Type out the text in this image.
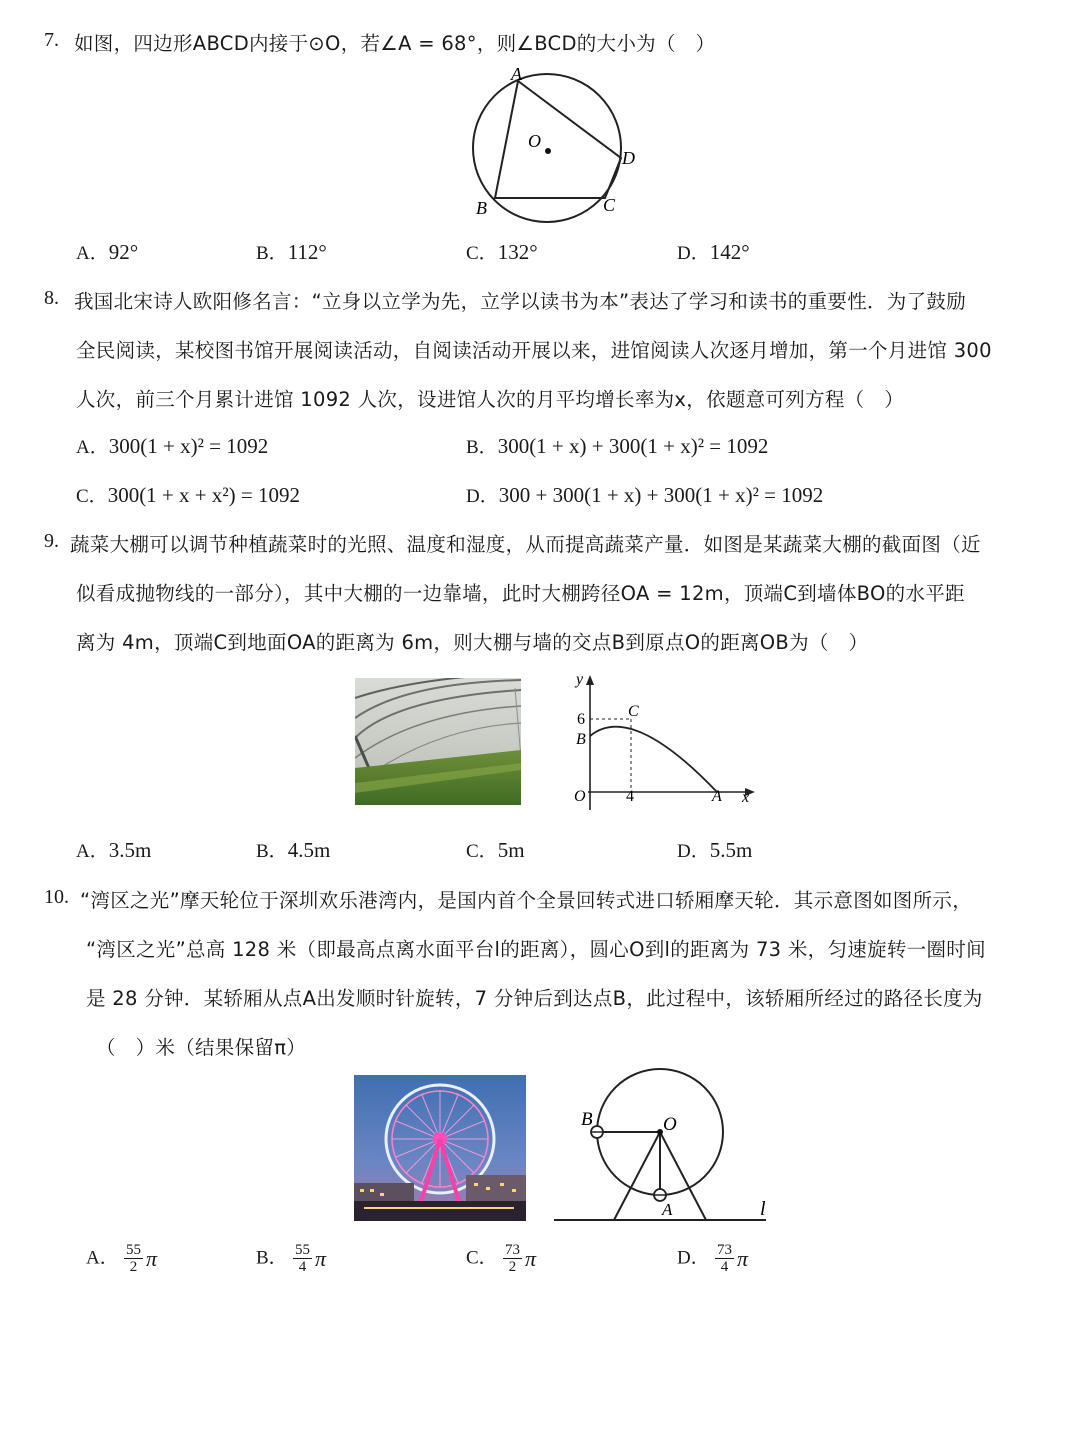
7. 如图，四边形ABCD内接于⊙O，若∠A = 68°，则∠BCD的大小为（　）
A
O
D
B	C
A．92°	B．112°	C．132°	D．142°
8. 我国北宋诗人欧阳修名言：“立身以立学为先，立学以读书为本”表达了学习和读书的重要性．为了鼓励
全民阅读，某校图书馆开展阅读活动，自阅读活动开展以来，进馆阅读人次逐月增加，第一个月进馆 300
人次，前三个月累计进馆 1092 人次，设进馆人次的月平均增长率为x，依题意可列方程（　）
A．300(1 + x)² = 1092	B．300(1 + x) + 300(1 + x)² = 1092
C．300(1 + x + x²) = 1092	D．300 + 300(1 + x) + 300(1 + x)² = 1092
9. 蔬菜大棚可以调节种植蔬菜时的光照、温度和湿度，从而提高蔬菜产量．如图是某蔬菜大棚的截面图（近
似看成抛物线的一部分），其中大棚的一边靠墙，此时大棚跨径OA = 12m，顶端C到墙体BO的水平距
离为 4m，顶端C到地面OA的距离为 6m，则大棚与墙的交点B到原点O的距离OB为（　）
y
x
6
B
C
O	4	A
A．3.5m	B．4.5m	C．5m	D．5.5m
10. “湾区之光”摩天轮位于深圳欢乐港湾内，是国内首个全景回转式进口轿厢摩天轮．其示意图如图所示，
“湾区之光”总高 128 米（即最高点离水面平台l的距离），圆心O到l的距离为 73 米，匀速旋转一圈时间
是 28 分钟．某轿厢从点A出发顺时针旋转，7 分钟后到达点B，此过程中，该轿厢所经过的路径长度为
（　）米（结果保留π）
B	O
A	l
A． $\frac{55}{2}$ π	B． $\frac{55}{4}$ π	C． $\frac{73}{2}$ π	D． $\frac{73}{4}$ π
